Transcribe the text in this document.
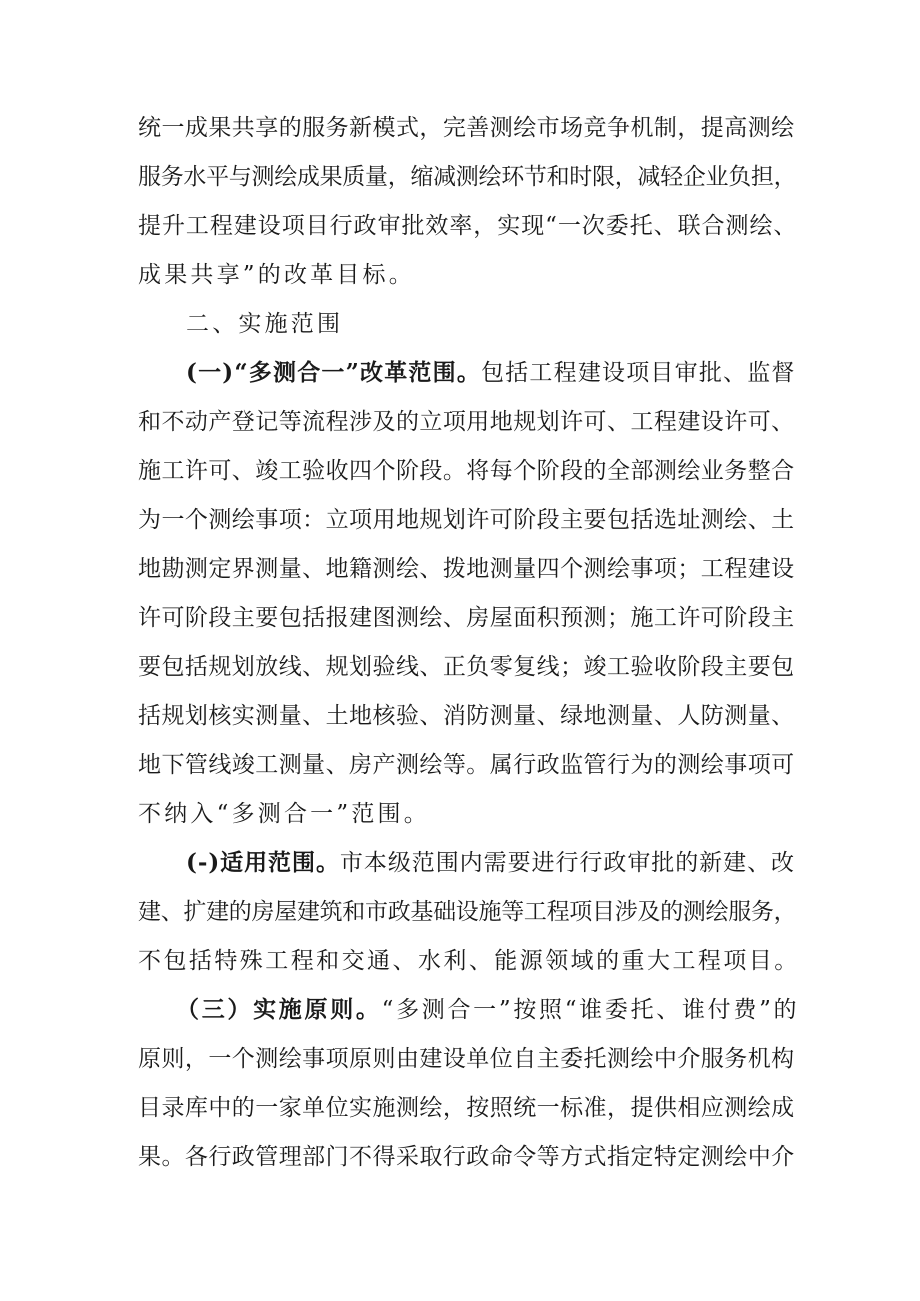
统一成果共享的服务新模式，完善测绘市场竞争机制，提高测绘
服务水平与测绘成果质量，缩减测绘环节和时限，减轻企业负担，
提升工程建设项目行政审批效率，实现“一次委托、联合测绘、
成果共享”的改革目标。
二、实施范围
(一)“多测合一”改革范围。包括工程建设项目审批、监督
和不动产登记等流程涉及的立项用地规划许可、工程建设许可、
施工许可、竣工验收四个阶段。将每个阶段的全部测绘业务整合
为一个测绘事项：立项用地规划许可阶段主要包括选址测绘、土
地勘测定界测量、地籍测绘、拨地测量四个测绘事项；工程建设
许可阶段主要包括报建图测绘、房屋面积预测；施工许可阶段主
要包括规划放线、规划验线、正负零复线；竣工验收阶段主要包
括规划核实测量、土地核验、消防测量、绿地测量、人防测量、
地下管线竣工测量、房产测绘等。属行政监管行为的测绘事项可
不纳入“多测合一”范围。
(-)适用范围。市本级范围内需要进行行政审批的新建、改
建、扩建的房屋建筑和市政基础设施等工程项目涉及的测绘服务，
不包括特殊工程和交通、水利、能源领域的重大工程项目。
（三）实施原则。“多测合一”按照“谁委托、谁付费”的
原则，一个测绘事项原则由建设单位自主委托测绘中介服务机构
目录库中的一家单位实施测绘，按照统一标准，提供相应测绘成
果。各行政管理部门不得采取行政命令等方式指定特定测绘中介
